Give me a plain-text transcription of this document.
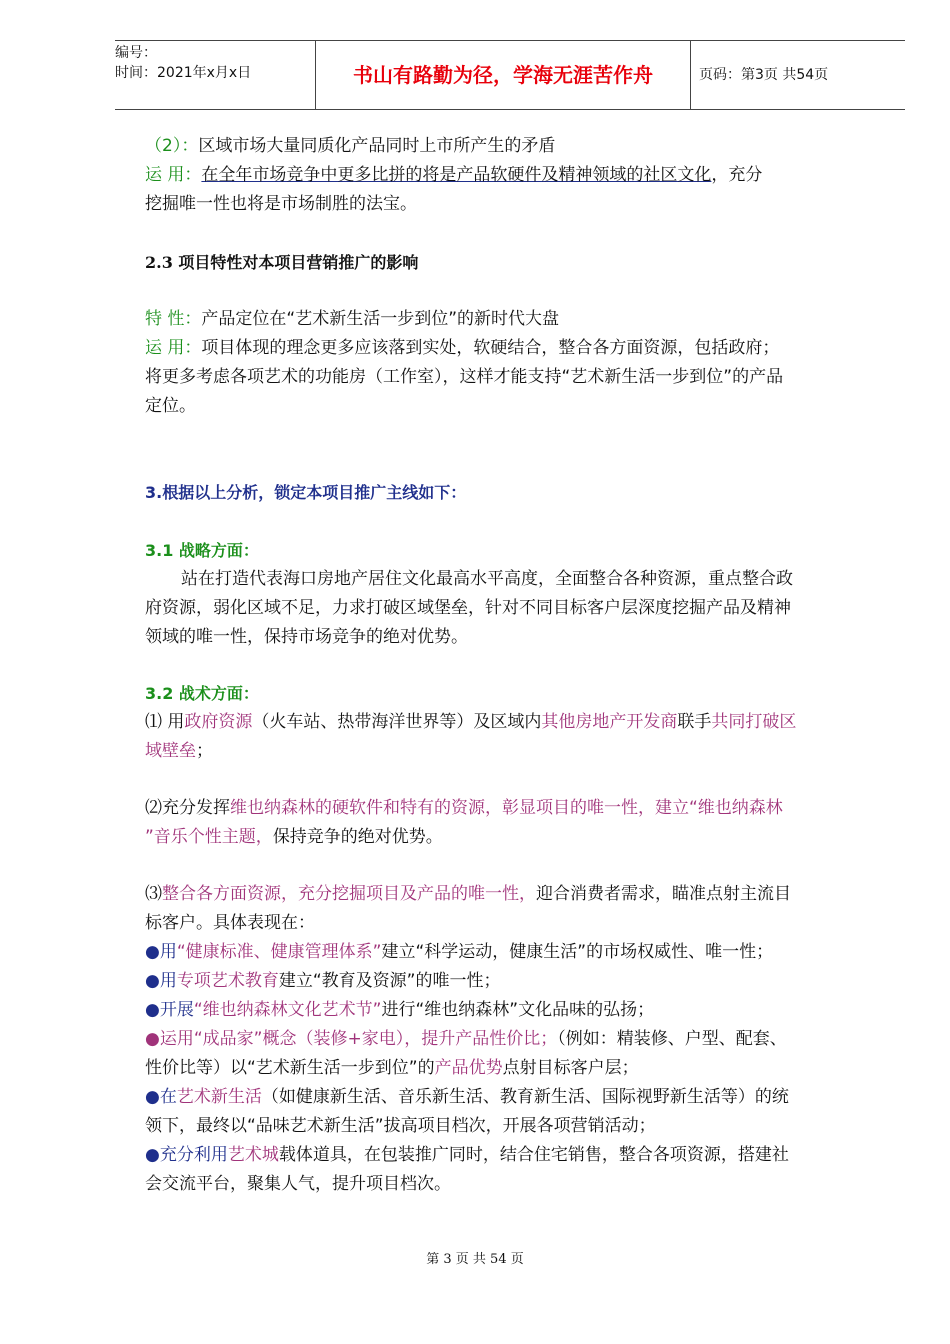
编号：
时间：2021年x月x日	书山有路勤为径，学海无涯苦作舟	页码：第3页 共54页

（2）：区域市场大量同质化产品同时上市所产生的矛盾

运 用：在全年市场竞争中更多比拼的将是产品软硬件及精神领域的社区文化，充分

挖掘唯一性也将是市场制胜的法宝。

2.3 项目特性对本项目营销推广的影响

特 性：产品定位在“艺术新生活一步到位”的新时代大盘

运 用：项目体现的理念更多应该落到实处，软硬结合，整合各方面资源，包括政府；

将更多考虑各项艺术的功能房（工作室），这样才能支持“艺术新生活一步到位”的产品

定位。

3.根据以上分析，锁定本项目推广主线如下：

3.1 战略方面：

站在打造代表海口房地产居住文化最高水平高度，全面整合各种资源，重点整合政

府资源，弱化区域不足，力求打破区域堡垒，针对不同目标客户层深度挖掘产品及精神

领域的唯一性，保持市场竞争的绝对优势。

3.2 战术方面：

⑴ 用政府资源（火车站、热带海洋世界等）及区域内其他房地产开发商联手共同打破区

域壁垒；

⑵充分发挥维也纳森林的硬软件和特有的资源，彰显项目的唯一性，建立“维也纳森林

”音乐个性主题，保持竞争的绝对优势。

⑶整合各方面资源，充分挖掘项目及产品的唯一性，迎合消费者需求，瞄准点射主流目

标客户。具体表现在：

●用“健康标准、健康管理体系”建立“科学运动，健康生活”的市场权威性、唯一性；

●用专项艺术教育建立“教育及资源”的唯一性；

●开展“维也纳森林文化艺术节”进行“维也纳森林”文化品味的弘扬；

●运用“成品家”概念（装修+家电），提升产品性价比；（例如：精装修、户型、配套、

性价比等）以“艺术新生活一步到位”的产品优势点射目标客户层；

●在艺术新生活（如健康新生活、音乐新生活、教育新生活、国际视野新生活等）的统

领下，最终以“品味艺术新生活”拔高项目档次，开展各项营销活动；

●充分利用艺术城载体道具，在包装推广同时，结合住宅销售，整合各项资源，搭建社

会交流平台，聚集人气，提升项目档次。

第 3 页 共 54 页
